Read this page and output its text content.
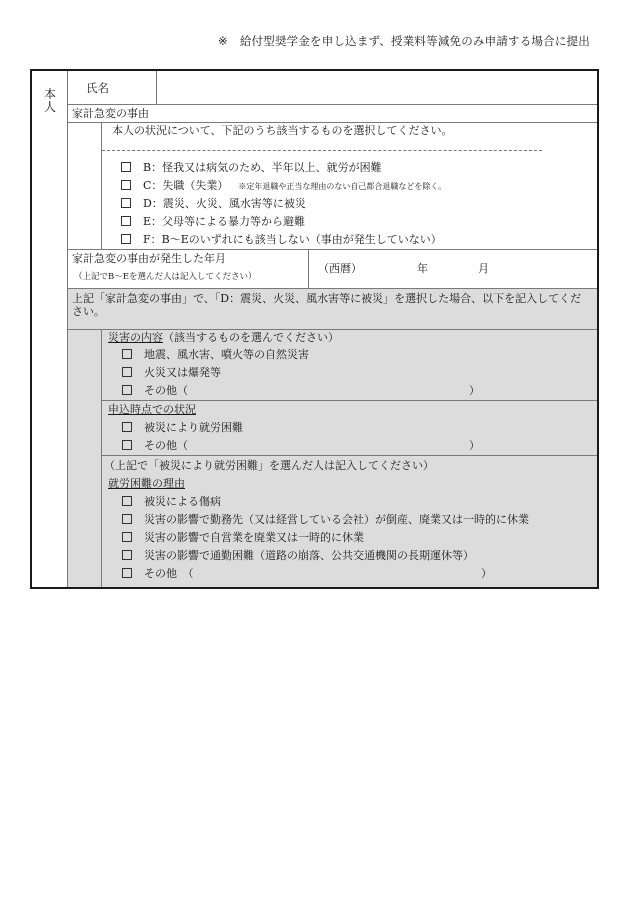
※ 給付型奨学金を申し込まず、授業料等減免のみ申請する場合に提出
本人
氏名
家計急変の事由
本人の状況について、下記のうち該当するものを選択してください。
B：怪我又は病気のため、半年以上、就労が困難
C：失職（失業） ※定年退職や正当な理由のない自己都合退職などを除く。
D：震災、火災、風水害等に被災
E：父母等による暴力等から避難
F：B～Eのいずれにも該当しない（事由が発生していない）
家計急変の事由が発生した年月
（上記でB～Eを選んだ人は記入してください）
（西暦）	年	月
上記「家計急変の事由」で、「D：震災、火災、風水害等に被災」を選択した場合、以下を記入してください。
災害の内容（該当するものを選んでください）
地震、風水害、噴火等の自然災害
火災又は爆発等
その他（	）
申込時点での状況
被災により就労困難
その他（	）
（上記で「被災により就労困難」を選んだ人は記入してください）
就労困難の理由
被災による傷病
災害の影響で勤務先（又は経営している会社）が倒産、廃業又は一時的に休業
災害の影響で自営業を廃業又は一時的に休業
災害の影響で通勤困難（道路の崩落、公共交通機関の長期運休等）
その他　（	）
